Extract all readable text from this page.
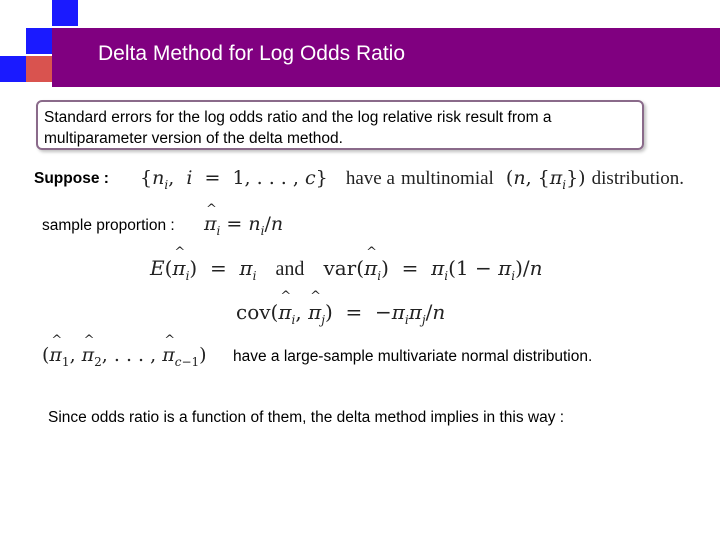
Delta Method for Log Odds Ratio
Standard errors for the log odds ratio and the log relative risk result from a multiparameter version of the delta method.
Suppose : {$n_i$,  i  =  1, . . . , c}   have a multinomial  (n, $\{\pi_i\}$) distribution.
sample proportion :
^ $\pi_i = n_i/n$
E(^ $\pi_i) = \pi_i$ and   var(^ $\pi_i) = \pi_i(1 - \pi_i)/n$
cov(^ $\pi_i$, ^ $\pi_j) = -\pi_i\pi_j/n$
(^ $\pi_1$, ^ $\pi_2$, . . . , ^ $\pi_{c-1}$) have a large-sample multivariate normal distribution.
Since odds ratio is a function of them, the delta method implies in this way :
